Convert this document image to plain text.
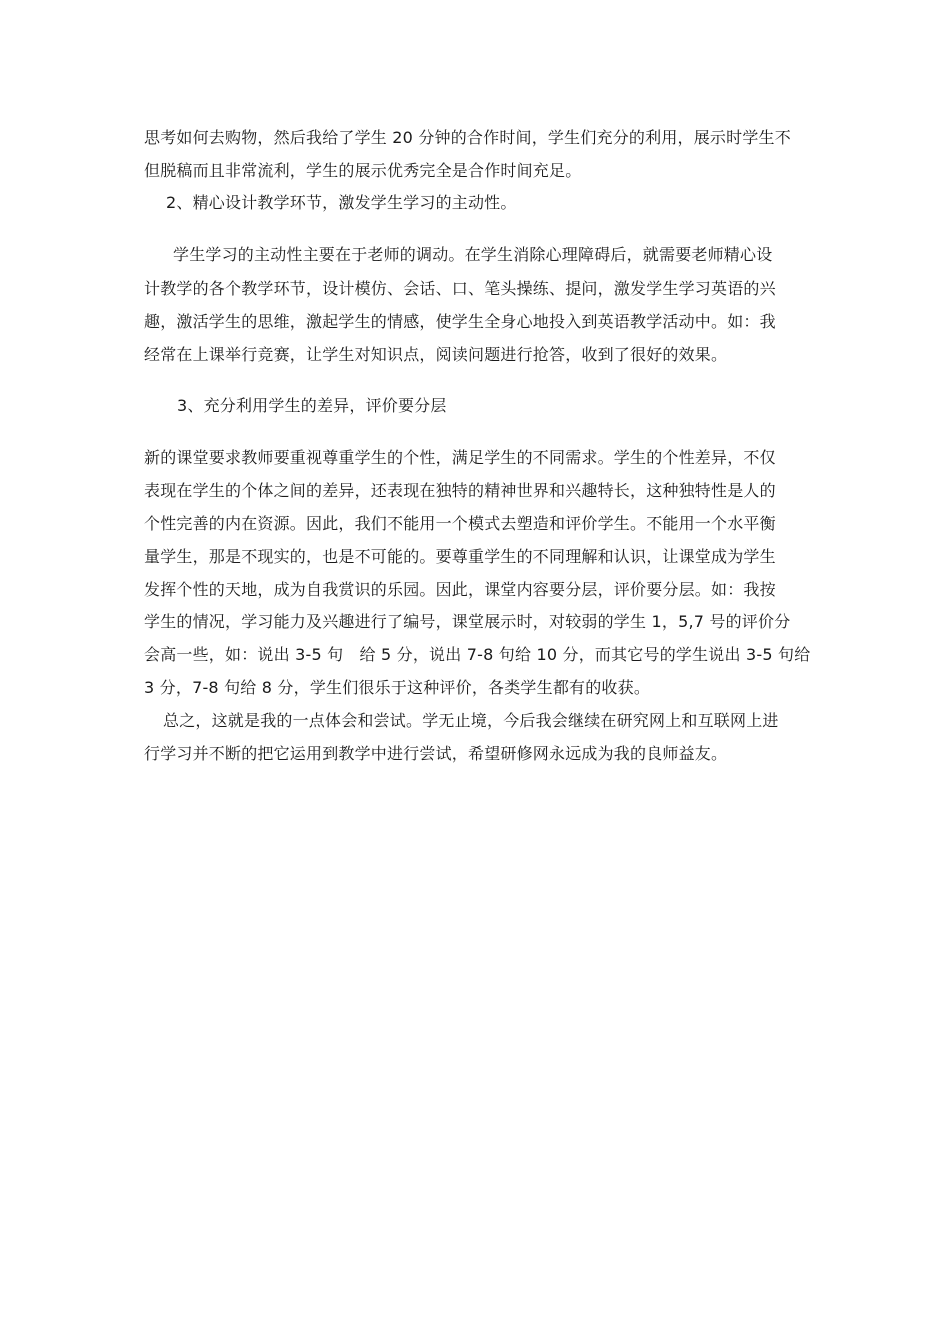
思考如何去购物，然后我给了学生 20 分钟的合作时间，学生们充分的利用，展示时学生不
但脱稿而且非常流利，学生的展示优秀完全是合作时间充足。
2、精心设计教学环节，激发学生学习的主动性。
学生学习的主动性主要在于老师的调动。在学生消除心理障碍后，就需要老师精心设
计教学的各个教学环节，设计模仿、会话、口、笔头操练、提问，激发学生学习英语的兴
趣，激活学生的思维，激起学生的情感，使学生全身心地投入到英语教学活动中。如：我
经常在上课举行竞赛，让学生对知识点，阅读问题进行抢答，收到了很好的效果。
3、充分利用学生的差异，评价要分层
新的课堂要求教师要重视尊重学生的个性，满足学生的不同需求。学生的个性差异，不仅
表现在学生的个体之间的差异，还表现在独特的精神世界和兴趣特长，这种独特性是人的
个性完善的内在资源。因此，我们不能用一个模式去塑造和评价学生。不能用一个水平衡
量学生，那是不现实的，也是不可能的。要尊重学生的不同理解和认识，让课堂成为学生
发挥个性的天地，成为自我赏识的乐园。因此，课堂内容要分层，评价要分层。如：我按
学生的情况，学习能力及兴趣进行了编号，课堂展示时，对较弱的学生 1，5,7 号的评价分
会高一些，如：说出 3-5 句　给 5 分，说出 7-8 句给 10 分，而其它号的学生说出 3-5 句给
3 分，7-8 句给 8 分，学生们很乐于这种评价，各类学生都有的收获。
总之，这就是我的一点体会和尝试。学无止境，今后我会继续在研究网上和互联网上进
行学习并不断的把它运用到教学中进行尝试，希望研修网永远成为我的良师益友。
